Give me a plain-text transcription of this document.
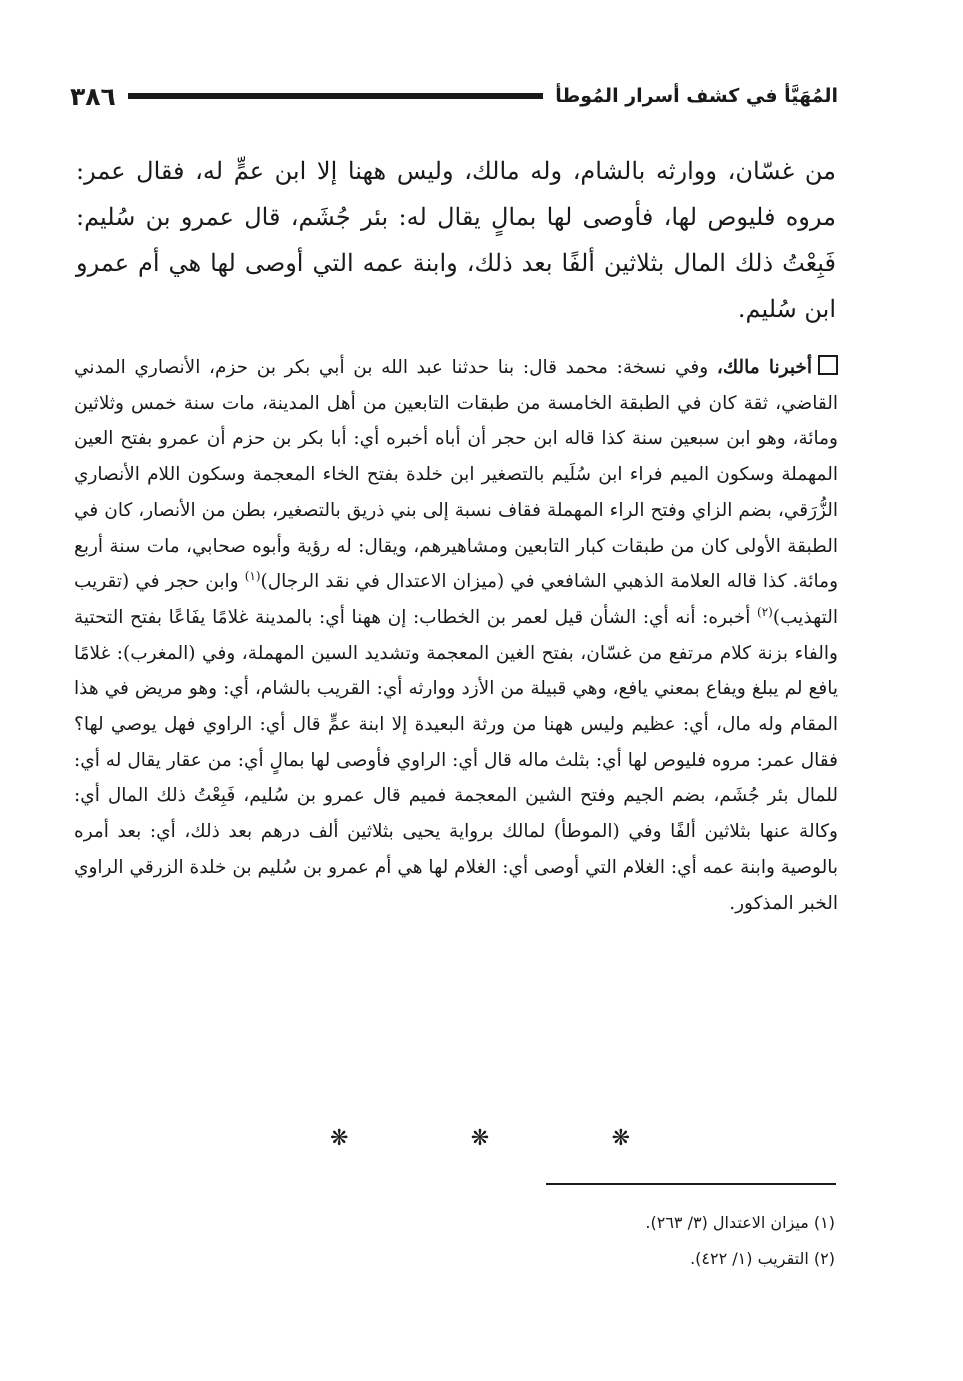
المُهَيَّأ في كشف أسرار المُوطأ
٣٨٦

من غسّان، ووارثه بالشام، وله مالك، وليس ههنا إلا ابن عمٍّ له، فقال عمر: مروه فليوص لها، فأوصى لها بمالٍ يقال له: بئر جُشَم، قال عمرو بن سُليم: فَبِعْتُ ذلك المال بثلاثين ألفًا بعد ذلك، وابنة عمه التي أوصى لها هي أم عمرو ابن سُليم.

أخبرنا مالك، وفي نسخة: محمد قال: بنا حدثنا عبد الله بن أبي بكر بن حزم، الأنصاري المدني القاضي، ثقة كان في الطبقة الخامسة من طبقات التابعين من أهل المدينة، مات سنة خمس وثلاثين ومائة، وهو ابن سبعين سنة كذا قاله ابن حجر أن أباه أخبره أي: أبا بكر بن حزم أن عمرو بفتح العين المهملة وسكون الميم فراء ابن سُلَيم بالتصغير ابن خلدة بفتح الخاء المعجمة وسكون اللام الأنصاري الزُّرَقي، بضم الزاي وفتح الراء المهملة فقاف نسبة إلى بني ذريق بالتصغير، بطن من الأنصار، كان في الطبقة الأولى كان من طبقات كبار التابعين ومشاهيرهم، ويقال: له رؤية وأبوه صحابي، مات سنة أربع ومائة. كذا قاله العلامة الذهبي الشافعي في (ميزان الاعتدال في نقد الرجال)$^{(١)}$ وابن حجر في (تقريب التهذيب)$^{(٢)}$ أخبره: أنه أي: الشأن قيل لعمر بن الخطاب: إن ههنا أي: بالمدينة غلامًا يفَاعًا بفتح التحتية والفاء بزنة كلام مرتفع من غسّان، بفتح الغين المعجمة وتشديد السين المهملة، وفي (المغرب): غلامًا يافع لم يبلغ ويفاع بمعني يافع، وهي قبيلة من الأزد ووارثه أي: القريب بالشام، أي: وهو مريض في هذا المقام وله مال، أي: عظيم وليس ههنا من ورثة البعيدة إلا ابنة عمٍّ قال أي: الراوي فهل يوصي لها؟ فقال عمر: مروه فليوص لها أي: بثلث ماله قال أي: الراوي فأوصى لها بمالٍ أي: من عقار يقال له أي: للمال بئر جُشَم، بضم الجيم وفتح الشين المعجمة فميم قال عمرو بن سُليم، فَبِعْتُ ذلك المال أي: وكالة عنها بثلاثين ألفًا وفي (الموطأ) لمالك برواية يحيى بثلاثين ألف درهم بعد ذلك، أي: بعد أمره بالوصية وابنة عمه أي: الغلام التي أوصى أي: الغلام لها هي أم عمرو بن سُليم بن خلدة الزرقي الراوي الخبر المذكور.

❋
❋
❋
(١) ميزان الاعتدال (٣/ ٢٦٣).
(٢) التقريب (١/ ٤٢٢).
